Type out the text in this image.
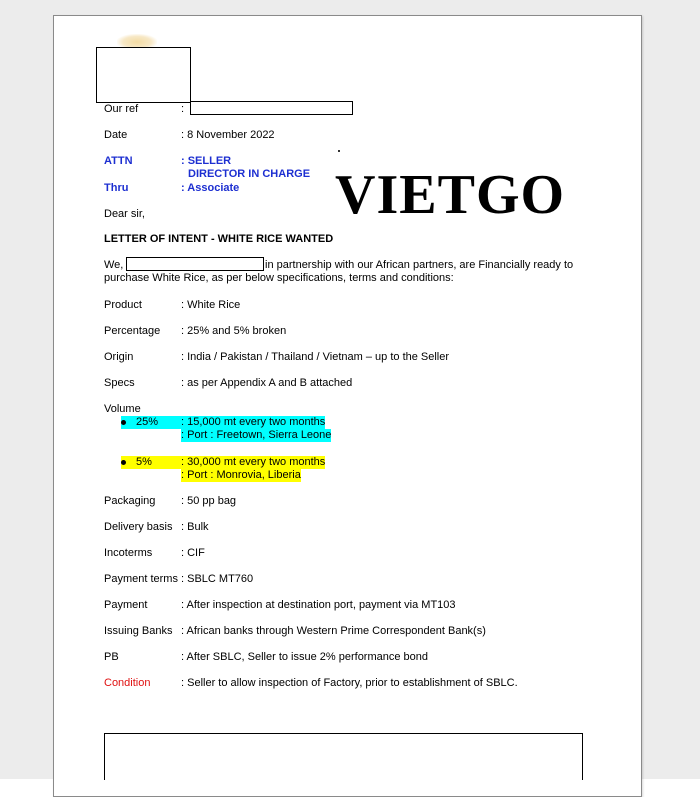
VIETGO
Our ref	:
Date	: 8 November 2022
ATTN	: SELLER
DIRECTOR IN CHARGE
Thru	: Associate
Dear sir,
LETTER OF INTENT - WHITE RICE WANTED
We,	in partnership with our African partners, are Financially ready to
purchase White Rice, as per below specifications, terms and conditions:
Product	: White Rice
Percentage : 25% and 5% broken
Origin	: India / Pakistan / Thailand / Vietnam – up to the Seller
Specs	: as per Appendix A and B attached
Volume
25%	: 15,000 mt every two months
: Port : Freetown, Sierra Leone
5%	: 30,000 mt every two months
: Port : Monrovia, Liberia
Packaging : 50 pp bag
Delivery basis : Bulk
Incoterms	: CIF
Payment terms : SBLC MT760
Payment	: After inspection at destination port, payment via MT103
Issuing Banks : African banks through Western Prime Correspondent Bank(s)
PB	: After SBLC, Seller to issue 2% performance bond
Condition	: Seller to allow inspection of Factory, prior to establishment of SBLC.
